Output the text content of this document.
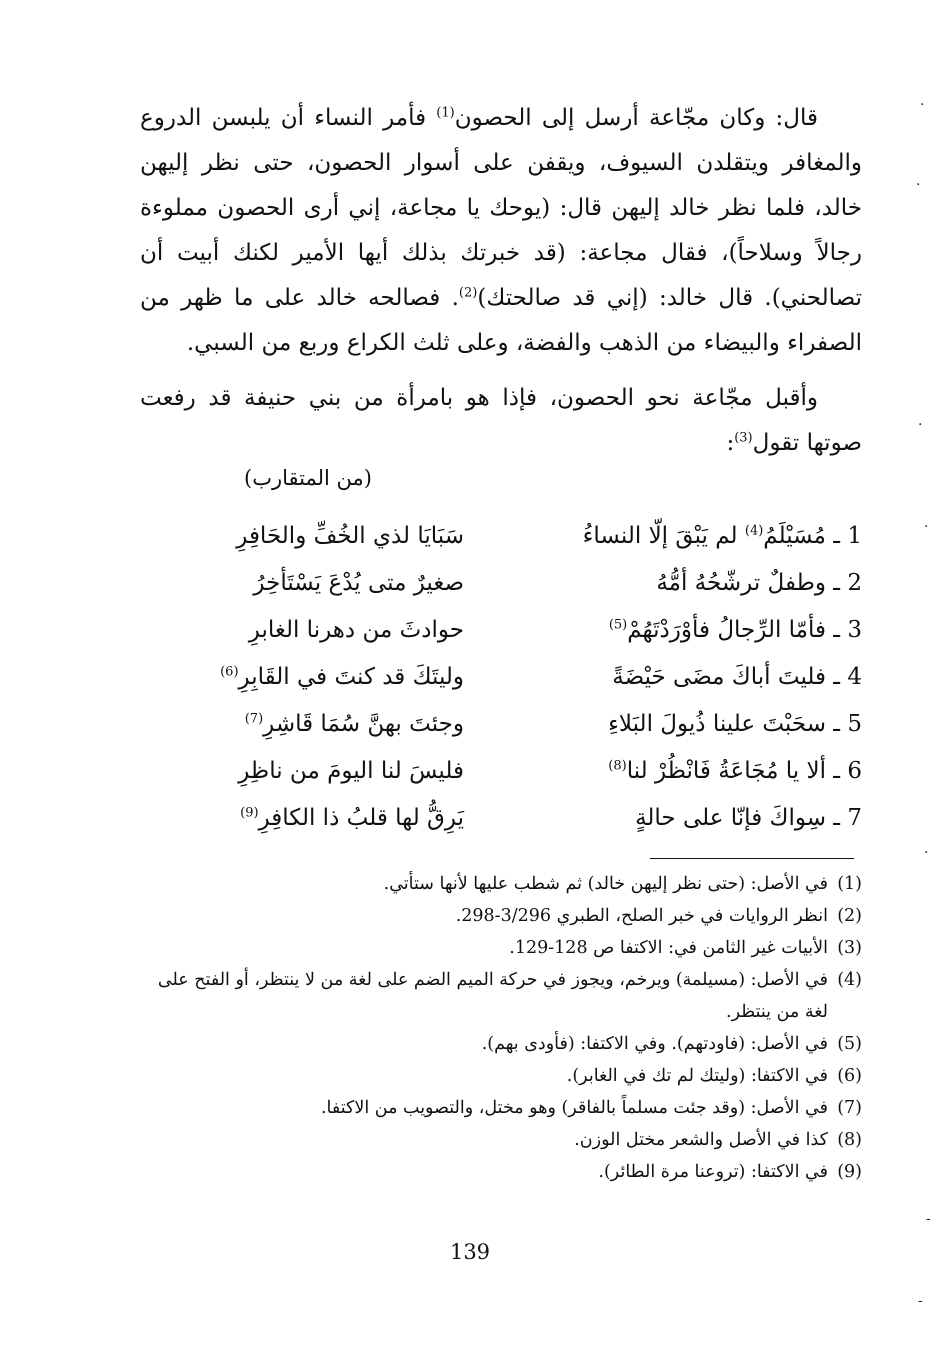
قال: وكان مجّاعة أرسل إلى الحصون$^{(1)}$ فأمر النساء أن يلبسن الدروع والمغافر ويتقلدن السيوف، ويقفن على أسوار الحصون، حتى نظر إليهن خالد، فلما نظر خالد إليهن قال: (يوحك يا مجاعة، إني أرى الحصون مملوءة رجالاً وسلاحاً)، فقال مجاعة: (قد خبرتك بذلك أيها الأمير لكنك أبيت أن تصالحني). قال خالد: (إني قد صالحتك)$^{(2)}$. فصالحه خالد على ما ظهر من الصفراء والبيضاء من الذهب والفضة، وعلى ثلث الكراع وربع من السبي.

وأقبل مجّاعة نحو الحصون، فإذا هو بامرأة من بني حنيفة قد رفعت صوتها تقول$^{(3)}$:

(من المتقارب)
1 ـ مُسَيْلَمُ$^{(4)}$ لم يَبْقَ إلّا النساءُ
سَبَايَا لذي الخُفِّ والحَافِرِ
2 ـ وطفلٌ ترشّحُهُ أمُّهُ
صغيرٌ متى يُدْعَ يَسْتَأخِرُ
3 ـ فأمّا الرِّجالُ فأوْرَدْتَهُمْ$^{(5)}$
حوادثَ من دهرنا الغابرِ
4 ـ فليتَ أباكَ مضَى حَيْضَةً
وليتَكَ قد كنتَ في القَابِرِ$^{(6)}$
5 ـ سحَبْتَ علينا ذُيولَ البَلاءِ
وجئتَ بهنَّ سُمَا قَاشِرِ$^{(7)}$
6 ـ ألا يا مُجَاعَةُ فَانْظُرْ لنا$^{(8)}$
فليسَ لنا اليومَ من ناظِرِ
7 ـ سِواكَ فإنّا على حالةٍ
يَرِقُّ لها قلبُ ذا الكافِرِ$^{(9)}$
(1)
في الأصل: (حتى نظر إليهن خالد) ثم شطب عليها لأنها ستأتي.
(2)
انظر الروايات في خبر الصلح، الطبري 3/296-298.
(3)
الأبيات غير الثامن في: الاكتفا ص 128-129.
(4)
في الأصل: (مسيلمة) ويرخم، ويجوز في حركة الميم الضم على لغة من لا ينتظر، أو الفتح على لغة من ينتظر.
(5)
في الأصل: (فاودتهم). وفي الاكتفا: (فأودى بهم).
(6)
في الاكتفا: (وليتك لم تك في الغابر).
(7)
في الأصل: (وقد جئت مسلماً بالفاقر) وهو مختل، والتصويب من الاكتفا.
(8)
كذا في الأصل والشعر مختل الوزن.
(9)
في الاكتفا: (تروعنا مرة الطائر).
139
·
·
·
·
·
-
-
